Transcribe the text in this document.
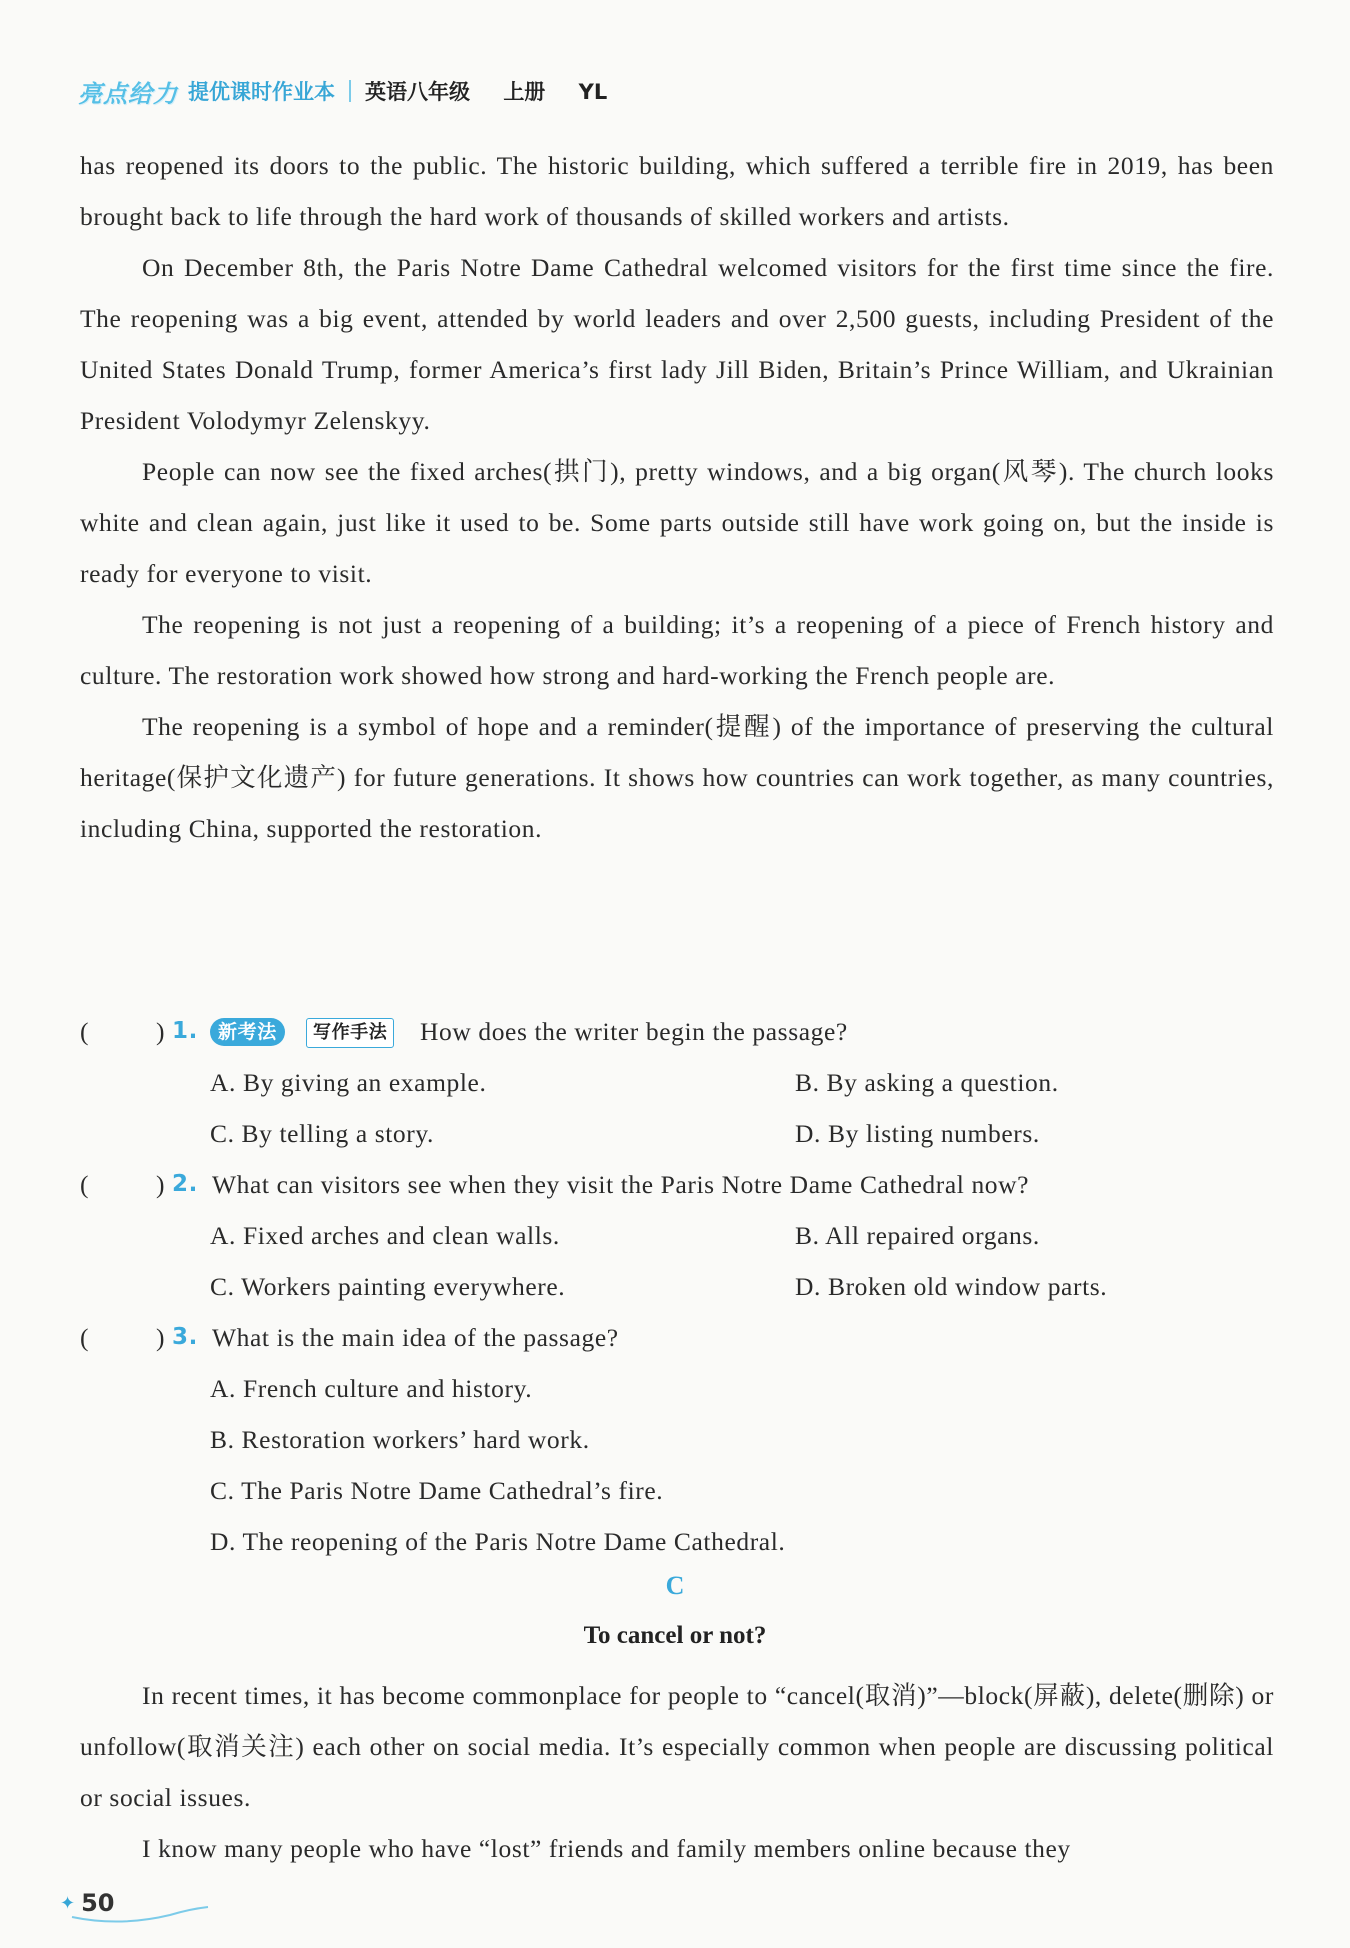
亮点给力 提优课时作业本 英语八年级 上册 YL

has reopened its doors to the public. The historic building, which suffered a terrible fire in 2019, has been brought back to life through the hard work of thousands of skilled workers and artists.

On December 8th, the Paris Notre Dame Cathedral welcomed visitors for the first time since the fire. The reopening was a big event, attended by world leaders and over 2,500 guests, including President of the United States Donald Trump, former America’s first lady Jill Biden, Britain’s Prince William, and Ukrainian President Volodymyr Zelenskyy.

People can now see the fixed arches(拱门), pretty windows, and a big organ(风琴). The church looks white and clean again, just like it used to be. Some parts outside still have work going on, but the inside is ready for everyone to visit.

The reopening is not just a reopening of a building; it’s a reopening of a piece of French history and culture. The restoration work showed how strong and hard-working the French people are.

The reopening is a symbol of hope and a reminder(提醒) of the importance of preserving the cultural heritage(保护文化遗产) for future generations. It shows how countries can work together, as many countries, including China, supported the restoration.

(	) 1.	新考法	写作手法 How does the writer begin the passage?
A. By giving an example.	B. By asking a question.
C. By telling a story.	D. By listing numbers.
(	) 2. What can visitors see when they visit the Paris Notre Dame Cathedral now?
A. Fixed arches and clean walls.	B. All repaired organs.
C. Workers painting everywhere.	D. Broken old window parts.
(	) 3. What is the main idea of the passage?
A. French culture and history.
B. Restoration workers’ hard work.
C. The Paris Notre Dame Cathedral’s fire.
D. The reopening of the Paris Notre Dame Cathedral.
C
To cancel or not?

In recent times, it has become commonplace for people to “cancel(取消)”—block(屏蔽), delete(删除) or unfollow(取消关注) each other on social media. It’s especially common when people are discussing political or social issues.

I know many people who have “lost” friends and family members online because they

✦ 50
